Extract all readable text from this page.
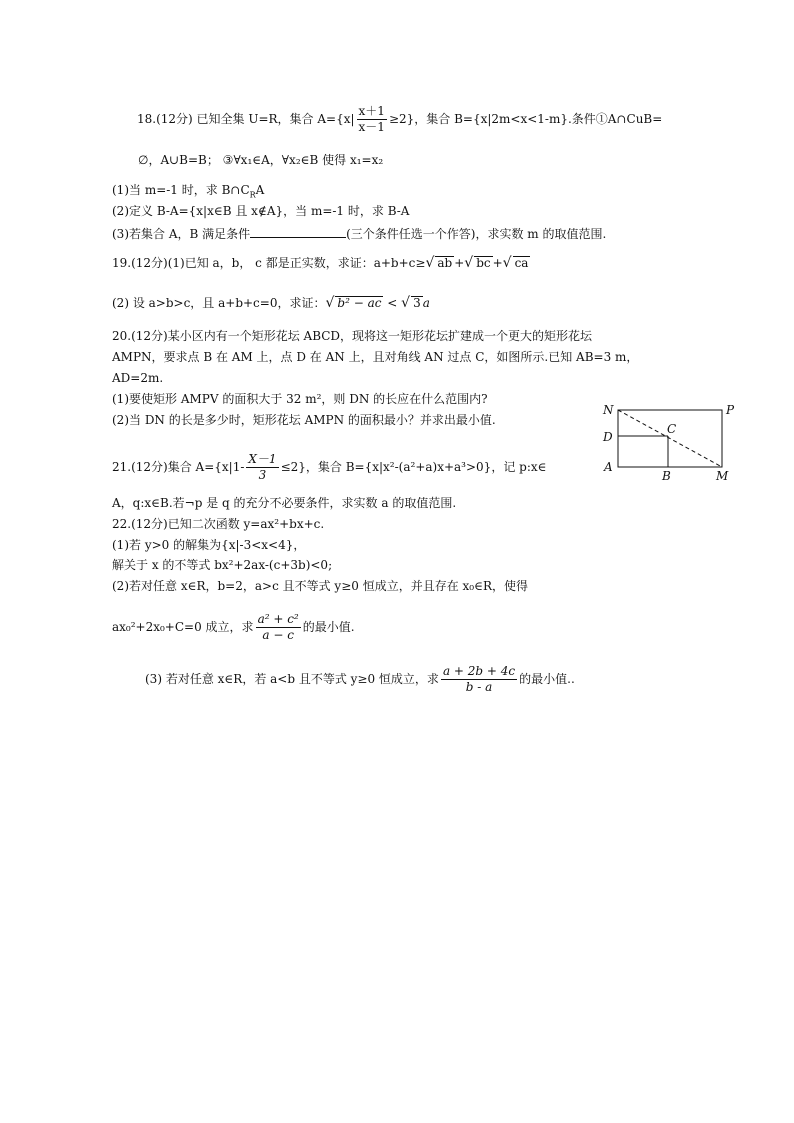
18.(12分) 已知全集 U=R，集合 $A=\{x| \frac{x+1}{x-1} \ge 2\}$，集合 B={x|2m<x<1-m}.条件①A∩CuB=
∅，A∪B=B； ③∀x₁∈A，∀x₂∈B 使得 x₁=x₂
(1)当 m=-1 时，求 $B\cap C_RA$
(2)定义 B-A={x|x∈B 且 x∉A}，当 m=-1 时，求 B-A
(3)若集合 A，B 满足条件	(三个条件任选一个作答)，求实数 m 的取值范围.
19.(12分)(1)已知 a，b， c 都是正实数，求证：a+b+c≥√ ab +√ bc +√ ca
(2) 设 a>b>c，且 a+b+c=0，求证：√ b² − ac < √ 3 a
20.(12分)某小区内有一个矩形花坛 ABCD，现将这一矩形花坛扩建成一个更大的矩形花坛
AMPN，要求点 B 在 AM 上，点 D 在 AN 上，且对角线 AN 过点 C，如图所示.已知 AB=3 m，
AD=2m.
(1)要使矩形 AMPV 的面积大于 32 m²，则 DN 的长应在什么范围内?
(2)当 DN 的长是多少时，矩形花坛 AMPN 的面积最小？并求出最小值.
N	P
D
C
A
B	M
21.(12分)集合 $A=\{x|1- \frac{X-1}{3} \le 2\}$，集合 B={x|x²-(a²+a)x+a³>0}，记 p:x∈
A，q:x∈B.若¬p 是 q 的充分不必要条件，求实数 a 的取值范围.
22.(12分)已知二次函数 y=ax²+bx+c.
(1)若 y>0 的解集为{x|-3<x<4}，
解关于 x 的不等式 bx²+2ax-(c+3b)<0;
(2)若对任意 x∈R，b=2，a>c 且不等式 y≥0 恒成立，并且存在 x₀∈R，使得
ax₀²+2x₀+C=0 成立，求 $\frac{\text{a² + c²}}{a - c}$ 的最小值.
(3) 若对任意 x∈R，若 a<b 且不等式 y≥0 恒成立，求 $\frac{a + 2b + 4c}{b - a}$ 的最小值..
